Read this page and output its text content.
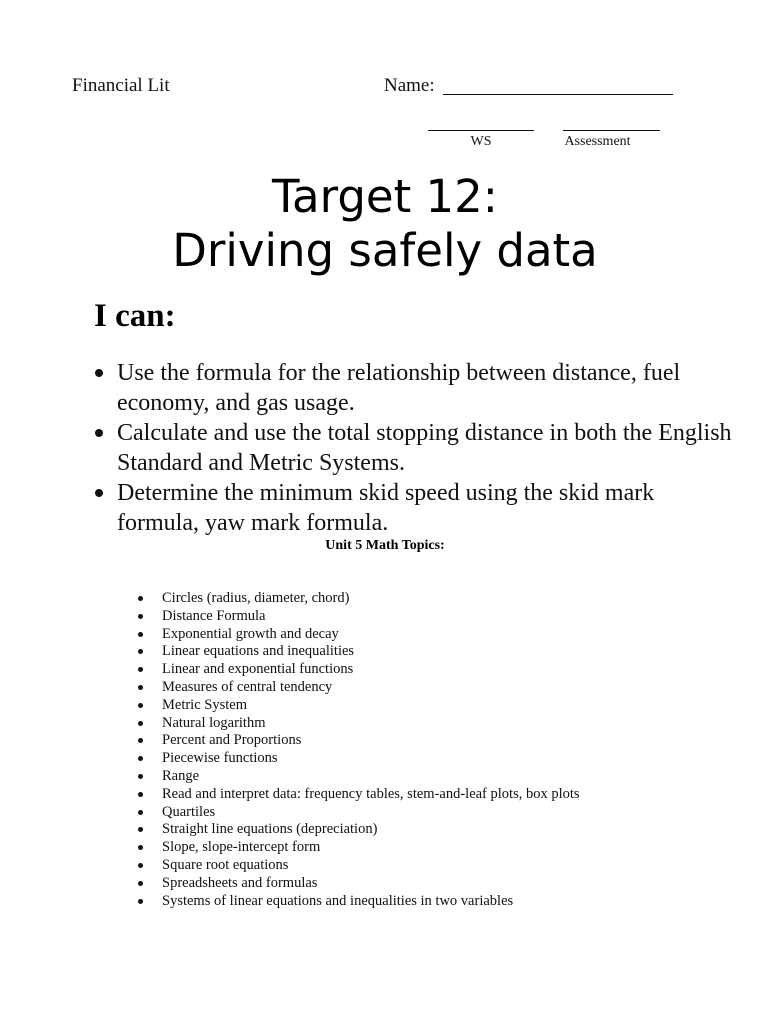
Financial Lit	Name:
WS	Assessment
Target 12:
Driving safely data
I can:
Use the formula for the relationship between distance, fuel economy, and gas usage.
Calculate and use the total stopping distance in both the English Standard and Metric Systems.
Determine the minimum skid speed using the skid mark formula, yaw mark formula.
Unit 5 Math Topics:
Circles (radius, diameter, chord)
Distance Formula
Exponential growth and decay
Linear equations and inequalities
Linear and exponential functions
Measures of central tendency
Metric System
Natural logarithm
Percent and Proportions
Piecewise functions
Range
Read and interpret data: frequency tables, stem-and-leaf plots, box plots
Quartiles
Straight line equations (depreciation)
Slope, slope-intercept form
Square root equations
Spreadsheets and formulas
Systems of linear equations and inequalities in two variables
